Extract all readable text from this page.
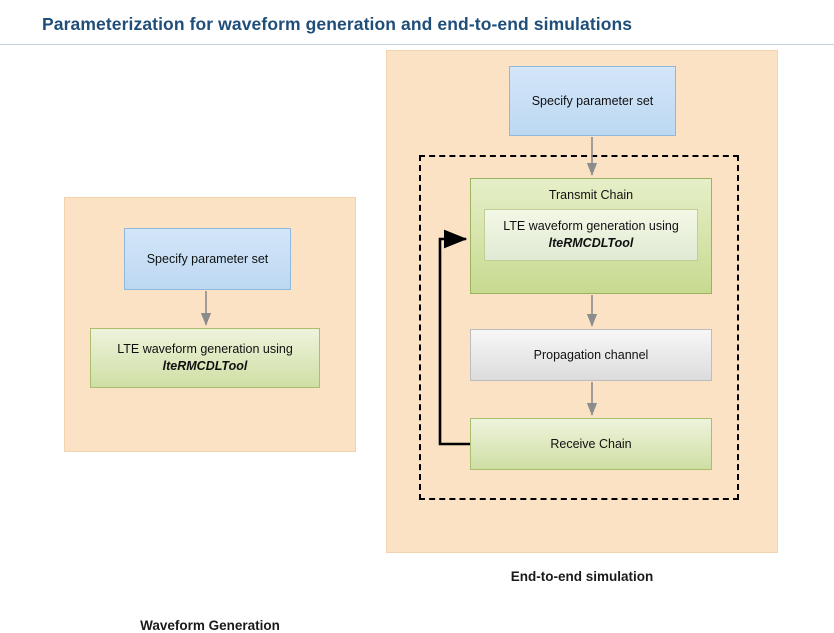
Parameterization for waveform generation and end-to-end simulations
Waveform Generation
Specify parameter set
LTE waveform generation using
lteRMCDLTool
End-to-end simulation
Specify parameter set
Transmit Chain
LTE waveform generation using
lteRMCDLTool
Propagation channel
Receive Chain
